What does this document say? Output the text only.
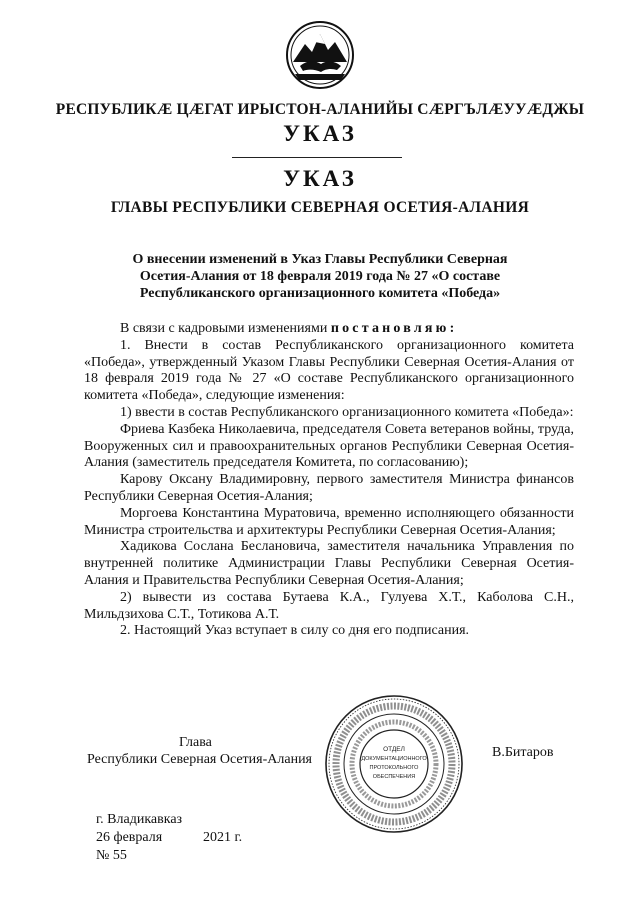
РЕСПУБЛИКÆ ЦÆГАТ ИРЫСТОН-АЛАНИЙЫ СÆРГЪЛÆУУÆДЖЫ
УКАЗ
УКАЗ
ГЛАВЫ РЕСПУБЛИКИ СЕВЕРНАЯ ОСЕТИЯ-АЛАНИЯ
О внесении изменений в Указ Главы Республики Северная
Осетия-Алания от 18 февраля 2019 года № 27 «О составе
Республиканского организационного комитета «Победа»

В связи с кадровыми изменениями постановляю:

1. Внести в состав Республиканского организационного комитета «Победа», утвержденный Указом Главы Республики Северная Осетия-Алания от 18 февраля 2019 года № 27 «О составе Республиканского организационного комитета «Победа», следующие изменения:

1) ввести в состав Республиканского организационного комитета «Победа»:

Фриева Казбека Николаевича, председателя Совета ветеранов войны, труда, Вооруженных сил и правоохранительных органов Республики Северная Осетия-Алания (заместитель председателя Комитета, по согласованию);

Карову Оксану Владимировну, первого заместителя Министра финансов Республики Северная Осетия-Алания;

Моргоева Константина Муратовича, временно исполняющего обязанности Министра строительства и архитектуры Республики Северная Осетия-Алания;

Хадикова Сослана Беслановича, заместителя начальника Управления по внутренней политике Администрации Главы Республики Северная Осетия-Алания и Правительства Республики Северная Осетия-Алания;

2) вывести из состава Бутаева К.А., Гулуева Х.Т., Каболова С.Н., Мильдзихова С.Т., Тотикова А.Т.

2. Настоящий Указ вступает в силу со дня его подписания.

Глава
Республики Северная Осетия-Алания	В.Битаров
ОТДЕЛ
ДОКУМЕНТАЦИОННОГО
ПРОТОКОЛЬНОГО
ОБЕСПЕЧЕНИЯ
г. Владикавказ
26 февраля	2021 г.
№ 55
